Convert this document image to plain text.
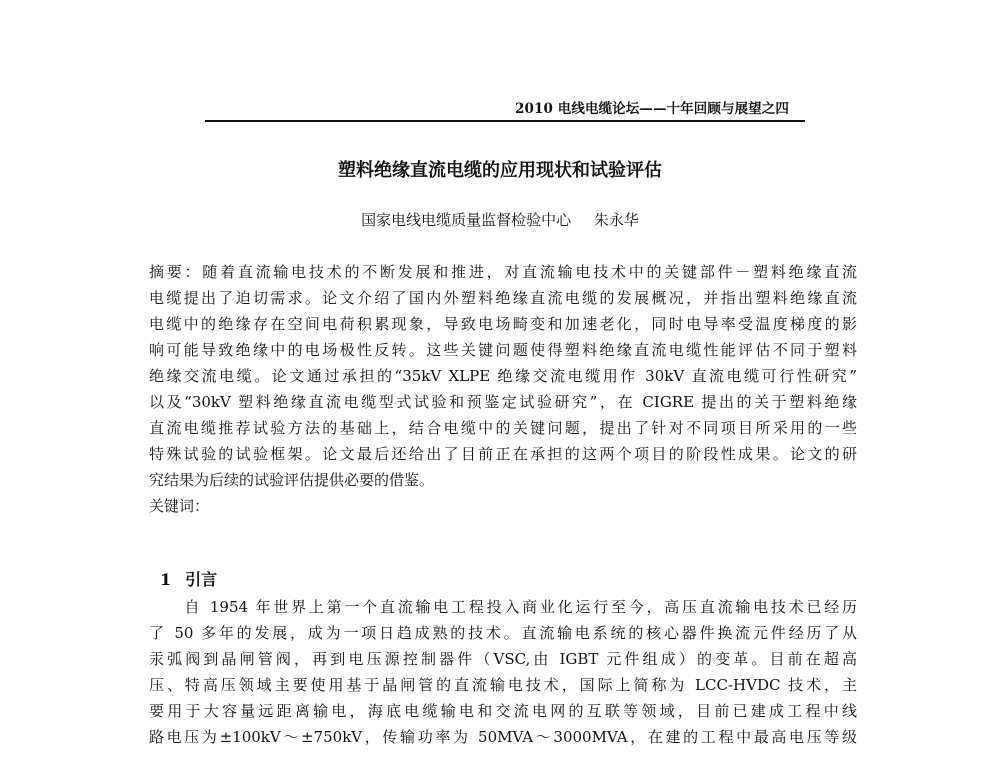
2010 电线电缆论坛——十年回顾与展望之四
塑料绝缘直流电缆的应用现状和试验评估
国家电线电缆质量监督检验中心 朱永华
摘要：随着直流输电技术的不断发展和推进，对直流输电技术中的关键部件－塑料绝缘直流
电缆提出了迫切需求。论文介绍了国内外塑料绝缘直流电缆的发展概况，并指出塑料绝缘直流
电缆中的绝缘存在空间电荷积累现象，导致电场畸变和加速老化，同时电导率受温度梯度的影
响可能导致绝缘中的电场极性反转。这些关键问题使得塑料绝缘直流电缆性能评估不同于塑料
绝缘交流电缆。论文通过承担的“35kV XLPE 绝缘交流电缆用作 30kV 直流电缆可行性研究”
以及“30kV 塑料绝缘直流电缆型式试验和预鉴定试验研究”，在 CIGRE 提出的关于塑料绝缘
直流电缆推荐试验方法的基础上，结合电缆中的关键问题，提出了针对不同项目所采用的一些
特殊试验的试验框架。论文最后还给出了目前正在承担的这两个项目的阶段性成果。论文的研
究结果为后续的试验评估提供必要的借鉴。
关键词：
1 引言
　　自 1954 年世界上第一个直流输电工程投入商业化运行至今，高压直流输电技术已经历
了 50 多年的发展，成为一项日趋成熟的技术。直流输电系统的核心器件换流元件经历了从
汞弧阀到晶闸管阀，再到电压源控制器件（VSC,由 IGBT 元件组成）的变革。目前在超高
压、特高压领域主要使用基于晶闸管的直流输电技术，国际上简称为 LCC-HVDC 技术，主
要用于大容量远距离输电，海底电缆输电和交流电网的互联等领域，目前已建成工程中线
路电压为±100kV～±750kV，传输功率为 50MVA～3000MVA，在建的工程中最高电压等级
